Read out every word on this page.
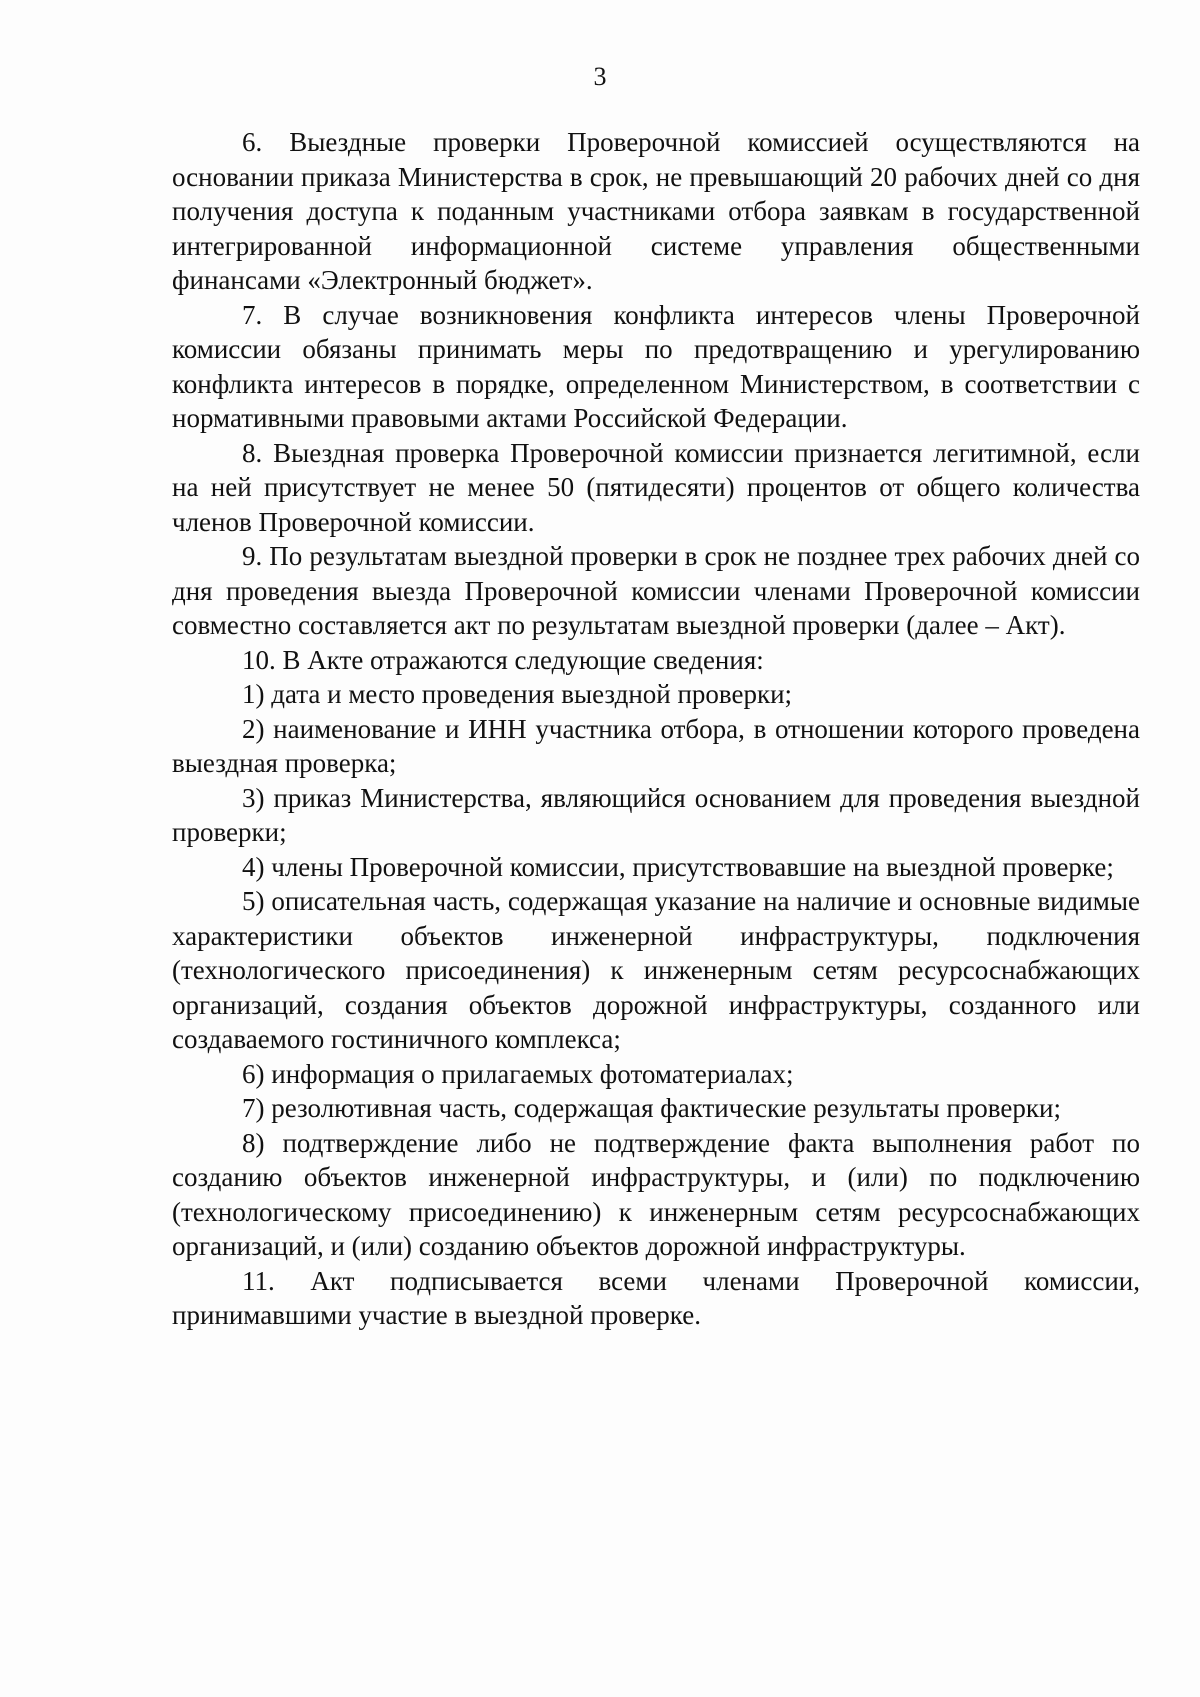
3

6. Выездные проверки Проверочной комиссией осуществляются на основании приказа Министерства в срок, не превышающий 20 рабочих дней со дня получения доступа к поданным участниками отбора заявкам в государственной интегрированной информационной системе управления общественными финансами «Электронный бюджет».

7. В случае возникновения конфликта интересов члены Проверочной комиссии обязаны принимать меры по предотвращению и урегулированию конфликта интересов в порядке, определенном Министерством, в соответствии с нормативными правовыми актами Российской Федерации.

8. Выездная проверка Проверочной комиссии признается легитимной, если на ней присутствует не менее 50 (пятидесяти) процентов от общего количества членов Проверочной комиссии.

9. По результатам выездной проверки в срок не позднее трех рабочих дней со дня проведения выезда Проверочной комиссии членами Проверочной комиссии совместно составляется акт по результатам выездной проверки (далее – Акт).

10. В Акте отражаются следующие сведения:

1) дата и место проведения выездной проверки;

2) наименование и ИНН участника отбора, в отношении которого проведена выездная проверка;

3) приказ Министерства, являющийся основанием для проведения выездной проверки;

4) члены Проверочной комиссии, присутствовавшие на выездной проверке;

5) описательная часть, содержащая указание на наличие и основные видимые характеристики объектов инженерной инфраструктуры, подключения (технологического присоединения) к инженерным сетям ресурсоснабжающих организаций, создания объектов дорожной инфраструктуры, созданного или создаваемого гостиничного комплекса;

6) информация о прилагаемых фотоматериалах;

7) резолютивная часть, содержащая фактические результаты проверки;

8) подтверждение либо не подтверждение факта выполнения работ по созданию объектов инженерной инфраструктуры, и (или) по подключению (технологическому присоединению) к инженерным сетям ресурсоснабжающих организаций, и (или) созданию объектов дорожной инфраструктуры.

11. Акт подписывается всеми членами Проверочной комиссии, принимавшими участие в выездной проверке.
